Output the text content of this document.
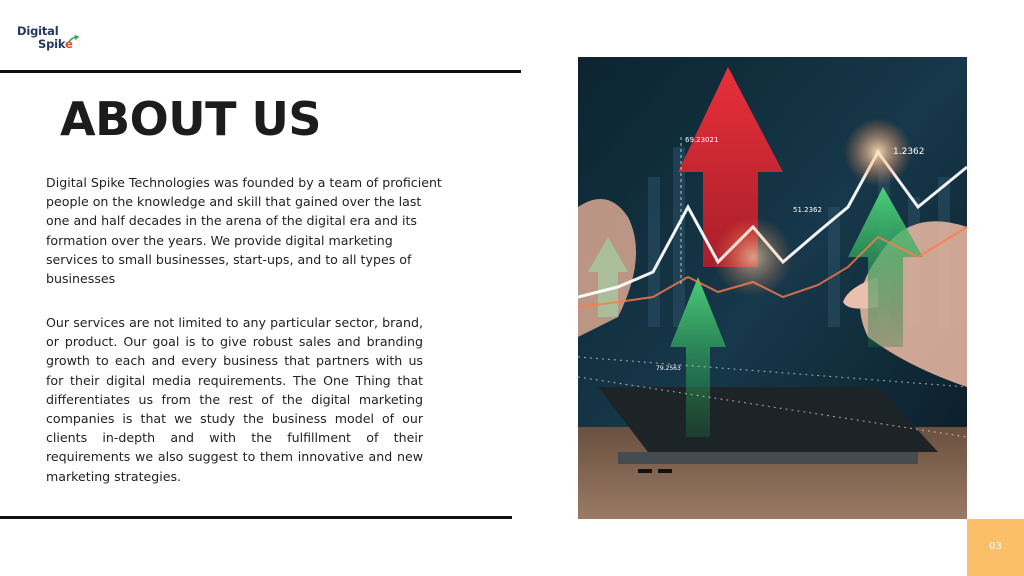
Digital
Spike
ABOUT US

Digital Spike Technologies was founded by a team of proficient people on the knowledge and skill that gained over the last one and half decades in the arena of the digital era and its formation over the years. We provide digital marketing services to small businesses, start-ups, and to all types of businesses

Our services are not limited to any particular sector, brand, or product. Our goal is to give robust sales and branding growth to each and every business that partners with us for their digital media requirements. The One Thing that differentiates us from the rest of the digital marketing companies is that we study the business model of our clients in-depth and with the fulfillment of their requirements we also suggest to them innovative and new marketing strategies.

69.23021
51.2362
1.2362
79.2563
03
